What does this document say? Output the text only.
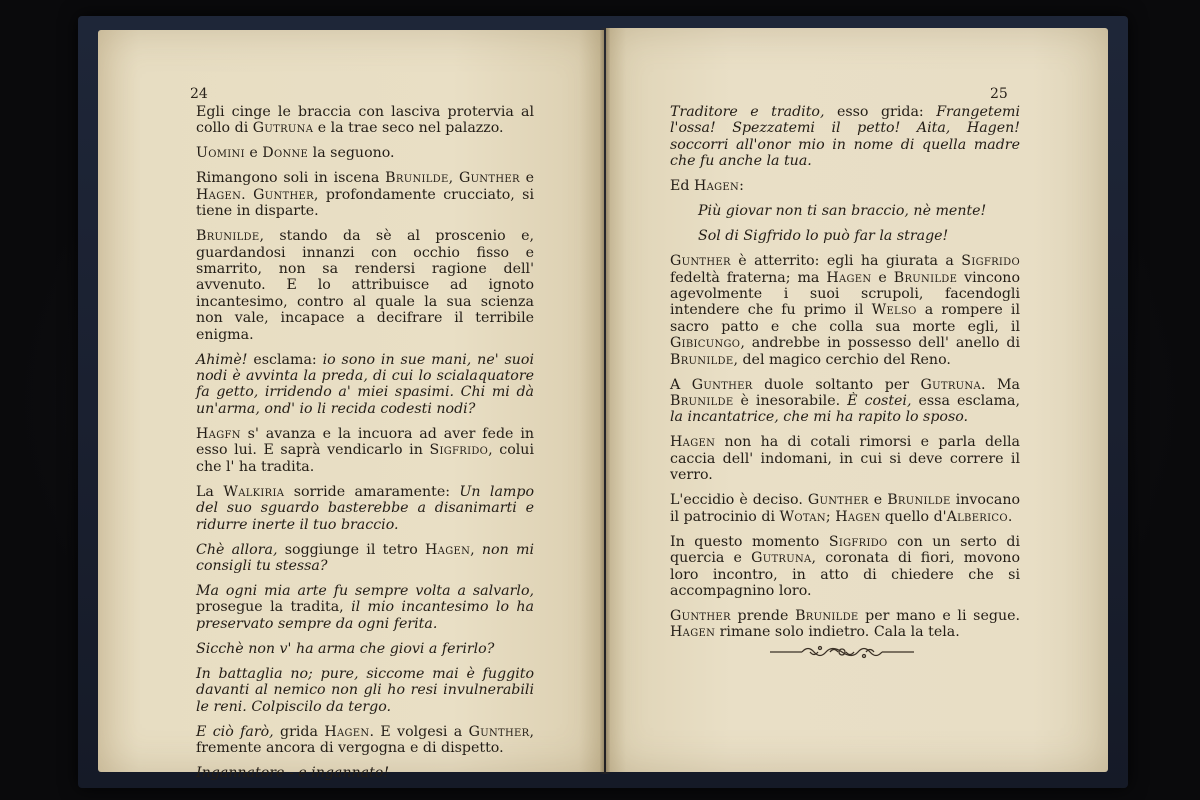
24	25

Egli cinge le braccia con lasciva protervia al collo di Gutruna e la trae seco nel palazzo.

Uomini e Donne la seguono.

Rimangono soli in iscena Brunilde, Gunther e Hagen. Gunther, profondamente crucciato, si tiene in disparte.

Brunilde, stando da sè al proscenio e, guardandosi innanzi con occhio fisso e smarrito, non sa rendersi ragione dell' avvenuto. E lo attribuisce ad ignoto incantesimo, contro al quale la sua scienza non vale, incapace a decifrare il terribile enigma.

Ahimè! esclama: io sono in sue mani, ne' suoi nodi è avvinta la preda, di cui lo scialaquatore fa getto, irridendo a' miei spasimi. Chi mi dà un'arma, ond' io li recida codesti nodi?

Hagfn s' avanza e la incuora ad aver fede in esso lui. E saprà vendicarlo in Sigfrido, colui che l' ha tradita.

La Walkiria sorride amaramente: Un lampo del suo sguardo basterebbe a disanimarti e ridurre inerte il tuo braccio.

Chè allora, soggiunge il tetro Hagen, non mi consigli tu stessa?

Ma ogni mia arte fu sempre volta a salvarlo, prosegue la tradita, il mio incantesimo lo ha preservato sempre da ogni ferita.

Sicchè non v' ha arma che giovi a ferirlo?

In battaglia no; pure, siccome mai è fuggito davanti al nemico non gli ho resi invulnerabili le reni. Colpiscilo da tergo.

E ciò farò, grida Hagen. E volgesi a Gunther, fremente ancora di vergogna e di dispetto.

Ingannatore - e ingannato!

Traditore e tradito, esso grida: Frangetemi l'ossa! Spezzatemi il petto! Aita, Hagen! soccorri all'onor mio in nome di quella madre che fu anche la tua.

Ed Hagen:

Più giovar non ti san braccio, nè mente!

Sol di Sigfrido lo può far la strage!

Gunther è atterrito: egli ha giurata a Sigfrido fedeltà fraterna; ma Hagen e Brunilde vincono agevolmente i suoi scrupoli, facendogli intendere che fu primo il Welso a rompere il sacro patto e che colla sua morte egli, il Gibicungo, andrebbe in possesso dell' anello di Brunilde, del magico cerchio del Reno.

A Gunther duole soltanto per Gutruna. Ma Brunilde è inesorabile. È costei, essa esclama, la incantatrice, che mi ha rapito lo sposo.

Hagen non ha di cotali rimorsi e parla della caccia dell' indomani, in cui si deve correre il verro.

L'eccidio è deciso. Gunther e Brunilde invocano il patrocinio di Wotan; Hagen quello d'Alberico.

In questo momento Sigfrido con un serto di quercia e Gutruna, coronata di fiori, movono loro incontro, in atto di chiedere che si accompagnino loro.

Gunther prende Brunilde per mano e li segue. Hagen rimane solo indietro. Cala la tela.
